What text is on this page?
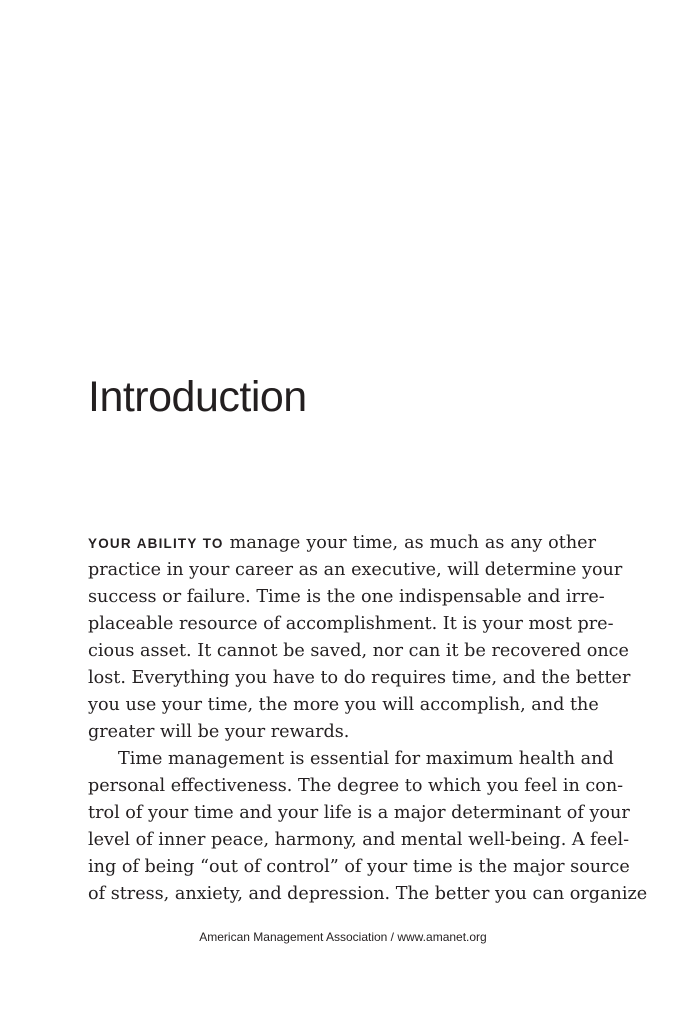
Introduction
YOUR ABILITY TO manage your time, as much as any other
practice in your career as an executive, will determine your
success or failure. Time is the one indispensable and irre-
placeable resource of accomplishment. It is your most pre-
cious asset. It cannot be saved, nor can it be recovered once
lost. Everything you have to do requires time, and the better
you use your time, the more you will accomplish, and the
greater will be your rewards.
Time management is essential for maximum health and
personal effectiveness. The degree to which you feel in con-
trol of your time and your life is a major determinant of your
level of inner peace, harmony, and mental well-being. A feel-
ing of being “out of control” of your time is the major source
of stress, anxiety, and depression. The better you can organize
American Management Association / www.amanet.org
